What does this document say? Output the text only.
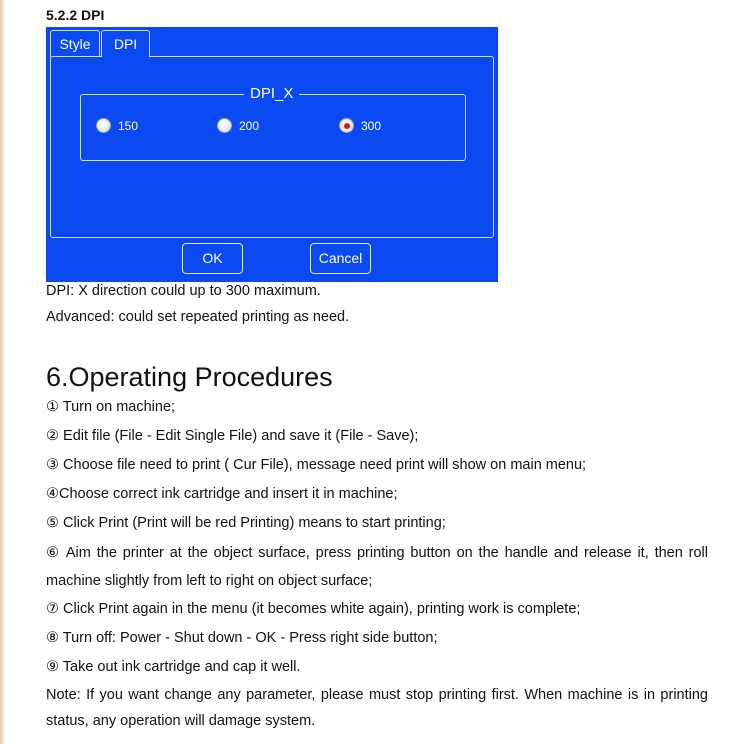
5.2.2 DPI
Style	DPI
DPI_X
150	200	300
OK	Cancel
DPI: X direction could up to 300 maximum.
Advanced: could set repeated printing as need.
6.Operating Procedures
① Turn on machine;
② Edit file (File - Edit Single File) and save it (File - Save);
③ Choose file need to print ( Cur File), message need print will show on main menu;
④Choose correct ink cartridge and insert it in machine;
⑤ Click Print (Print will be red Printing) means to start printing;
⑥ Aim the printer at the object surface, press printing button on the handle and release it, then roll machine slightly from left to right on object surface;
⑦ Click Print again in the menu (it becomes white again), printing work is complete;
⑧ Turn off: Power - Shut down - OK - Press right side button;
⑨ Take out ink cartridge and cap it well.
Note: If you want change any parameter, please must stop printing first. When machine is in printing status, any operation will damage system.
